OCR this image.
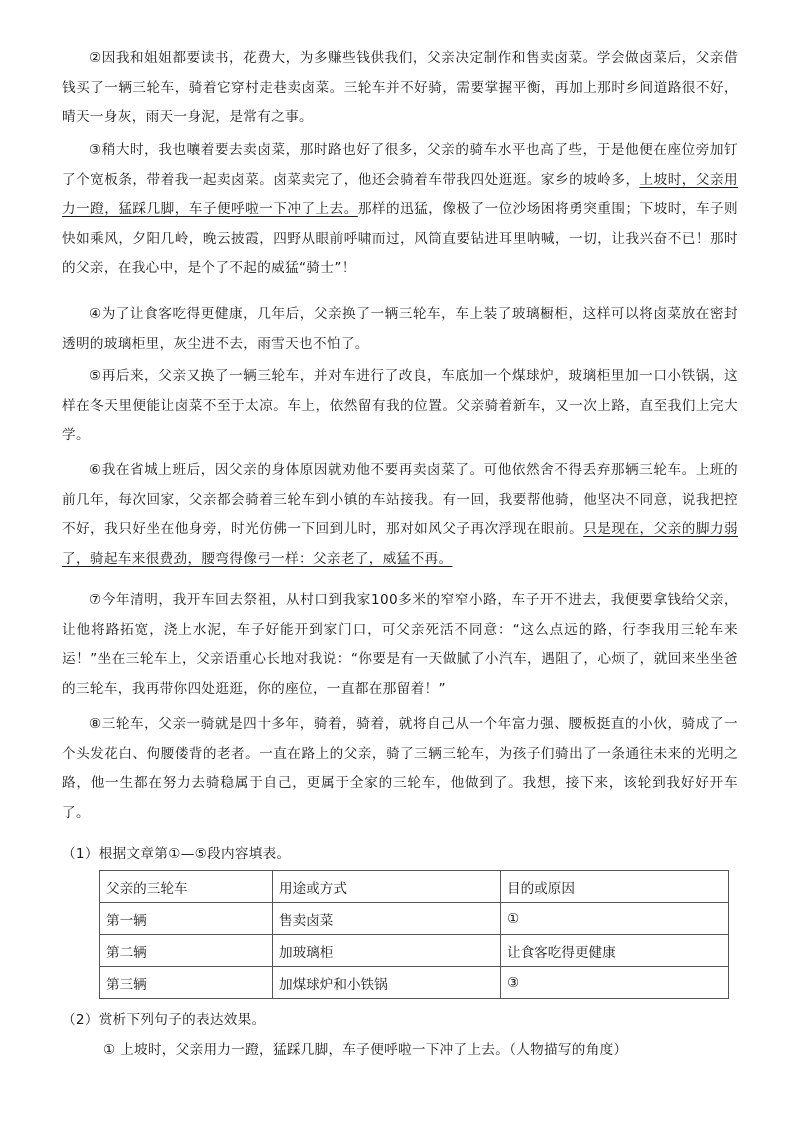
②因我和姐姐都要读书，花费大，为多赚些钱供我们，父亲决定制作和售卖卤菜。学会做卤菜后，父亲借钱买了一辆三轮车，骑着它穿村走巷卖卤菜。三轮车并不好骑，需要掌握平衡，再加上那时乡间道路很不好，晴天一身灰，雨天一身泥，是常有之事。

③稍大时，我也嚷着要去卖卤菜，那时路也好了很多，父亲的骑车水平也高了些，于是他便在座位旁加钉了个宽板条，带着我一起卖卤菜。卤菜卖完了，他还会骑着车带我四处逛逛。家乡的坡岭多，上坡时，父亲用力一蹬，猛踩几脚，车子便呼啦一下冲了上去。那样的迅猛，像极了一位沙场困将勇突重围；下坡时，车子则快如乘风，夕阳几岭，晚云披霞，四野从眼前呼啸而过，风筒直要钻进耳里呐喊，一切，让我兴奋不已！那时的父亲，在我心中，是个了不起的威猛“骑士”！

④为了让食客吃得更健康，几年后，父亲换了一辆三轮车，车上装了玻璃橱柜，这样可以将卤菜放在密封透明的玻璃柜里，灰尘进不去，雨雪天也不怕了。

⑤再后来，父亲又换了一辆三轮车，并对车进行了改良，车底加一个煤球炉，玻璃柜里加一口小铁锅，这样在冬天里便能让卤菜不至于太凉。车上，依然留有我的位置。父亲骑着新车，又一次上路，直至我们上完大学。

⑥我在省城上班后，因父亲的身体原因就劝他不要再卖卤菜了。可他依然舍不得丢弃那辆三轮车。上班的前几年，每次回家，父亲都会骑着三轮车到小镇的车站接我。有一回，我要帮他骑，他坚决不同意，说我把控不好，我只好坐在他身旁，时光仿佛一下回到儿时，那对如风父子再次浮现在眼前。只是现在，父亲的脚力弱了，骑起车来很费劲，腰弯得像弓一样：父亲老了，威猛不再。

⑦今年清明，我开车回去祭祖，从村口到我家100多米的窄窄小路，车子开不进去，我便要拿钱给父亲，让他将路拓宽，浇上水泥，车子好能开到家门口，可父亲死活不同意：“这么点远的路，行李我用三轮车来运！”坐在三轮车上，父亲语重心长地对我说：“你要是有一天做腻了小汽车，遇阻了，心烦了，就回来坐坐爸的三轮车，我再带你四处逛逛，你的座位，一直都在那留着！”

⑧三轮车，父亲一骑就是四十多年，骑着，骑着，就将自己从一个年富力强、腰板挺直的小伙，骑成了一个头发花白、佝腰偻背的老者。一直在路上的父亲，骑了三辆三轮车，为孩子们骑出了一条通往未来的光明之路，他一生都在努力去骑稳属于自己，更属于全家的三轮车，他做到了。我想，接下来，该轮到我好好开车了。

（1）根据文章第①—⑤段内容填表。
父亲的三轮车	用途或方式	目的或原因
第一辆	售卖卤菜	①
第二辆	加玻璃柜	让食客吃得更健康
第三辆	加煤球炉和小铁锅	③
（2）赏析下列句子的表达效果。
① 上坡时，父亲用力一蹬，猛踩几脚，车子便呼啦一下冲了上去。（人物描写的角度）
